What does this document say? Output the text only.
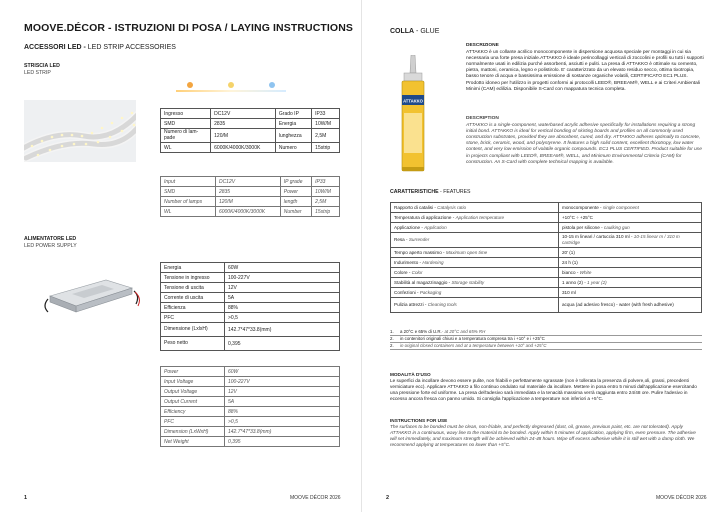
MOOVE.DÉCOR - ISTRUZIONI DI POSA / LAYING INSTRUCTIONS
ACCESSORI LED - LED STRIP ACCESSORIES
STRISCIA LED
LED STRIP
Ingresso	DC12V	Grado IP	IP33
SMD	2835	Energia	10W/M
Numero di lam-
pade	120/M	lunghezza	2,5M
WL	6000K/4000K/3000K	Numero	15strip
Input	DC12V	IP grade	IP33
SMD	2835	Power	10W/M
Number of lamps	120/M	length	2,5M
WL	6000K/4000K/3000K	Number	15strip
ALIMENTATORE LED
LED POWER SUPPLY
Energia	60W
Tensione in ingresso	100-227V
Tensione di uscita	12V
Corrente di uscita	5A
Efficienza	88%
PFC	>0,5
Dimensione (LxlxH)	142.7*47*33.8(mm)
Peso netto	0,395
Power	60W
Input Voltage	100-227V
Output Voltage	12V
Output Current	5A
Efficiency	88%
PFC	>0,5
Dimension (LxWxH)	142.7*47*33.8(mm)
Net Weight	0,395
1	MOOVE DÉCOR 2026
COLLA - GLUE
ATTAKKO
DESCRIZIONE
ATTAKKO è un collante acrilico monocomponente in dispersione acquosa speciale per montaggi in cui sia necessaria una forte presa iniziale.ATTAKKO è ideale perincollaggi verticali di zoccolini e profili su tutti i supporti normalmente usati in edilizia purché assorbenti, asciutti e puliti. La presa di ATTAKKO è ottimale su cemento, pietra, mattoni, ceramica, legno e polistirolo. E' caratterizzato da un elevato residuo secco, ottima tixotropia, basso tenore di acqua e bassissima emissione di sostanze organiche volatili, CERTIFICATO EC1 PLUS. Prodotto idoneo per l'utilizzo in progetti conformi ai protocolli LEED®, BREEAM®, WELL e ai Criteri Ambientali Minimi (CAM) edilizia. Disponibile S-Card con mappatura tecnica completa.
DESCRIPTION
ATTAKKO is a single-component, waterbased acrylic adhesive specifically for installations requiring a strong initial bond. ATTAKKO is ideal for vertical bonding of skirting boards and profiles on all commonly used construction substrates, provided they are absorbent, cured, and dry. ATTAKKO adheres optimally to concrete, stone, brick, ceramic, wood, and polystyrene. It features a high solid content, excellent thixotropy, low water content, and very low emission of volatile organic compounds. EC1 PLUS CERTIFIED. Product suitable for use in projects compliant with LEED®, BREEAM®, WELL, and Minimum Environmental Criteria (CAM) for construction. An S-Card with complete technical mapping is available.
CARATTERISTICHE - FEATURES
Rapporto di catalisi - Catalysis ratio	monocomponente - single component
Temperatura di applicazione - Application temperature	+10°C ÷ +25°C
Applicazione - Application	pistola per silicone - caulking gun
Resa - Surrender	10-15 m lineari / cartuccia 310 ml - 10-15 linear m / 310 m cartridge
Tempo aperto massimo - Maximum open time	20' (1)
Indurimento - Hardening	24 h (1)
Colore - Color	bianco - White
Stabilità al magazzinaggio - Storage stability	1 anno (2) - 1 year (2)
Confezioni - Packaging	310 ml
Pulizia attrezzi - Cleaning tools	acqua (ad adesivo fresco) - water (with fresh adhesive)
1.	a 20°C e 65% di U.R. - at 20°C and 65% RH
2.	in contenitori originali chiusi e a temperatura compresa tra i +10° e i +25°C
2.	in original closed containers and at a temperature between +10° and +25°C
MODALITÀ D'USO
Le superfici da incollare devono essere pulite, non friabili e perfettamente sgrassate (non è tollerata la presenza di polvere,oli, grassi, precedenti verniciature ecc). Applicare ATTAKKO a filo continuo ondulato sul materiale da incollare. Mettere in posa entro 5 minuti dall'applicazione esercitando una pressione forte ed uniforme. La presa dell'adesivo sarà immediata e la tenacità massima verrà raggiunta entro 24/48 ore. Pulire l'adesivo in eccesso ancora fresca con panno umido. Si consiglia l'applicazione a temperature non inferiori a +5°C.
INSTRUCTIONS FOR USE
The surfaces to be bonded must be clean, non-friable, and perfectly degreased (dust, oil, grease, previous paint, etc. are not tolerated). Apply ATTAKKO in a continuous, wavy line to the material to be bonded. Apply within 5 minutes of application, applying firm, even pressure. The adhesive will set immediately, and maximum strength will be achieved within 24-48 hours. Wipe off excess adhesive while it is still wet with a damp cloth. We recommend applying at temperatures no lower than +5°C.
2	MOOVE DÉCOR 2026
